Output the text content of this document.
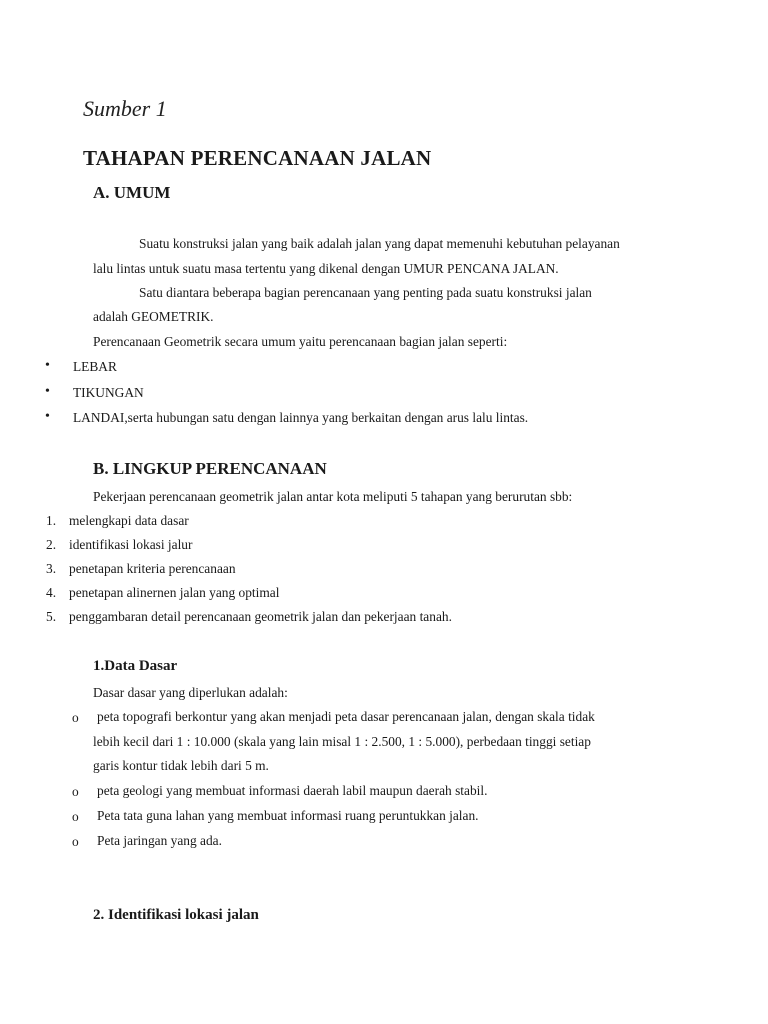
Sumber 1
TAHAPAN PERENCANAAN JALAN
A. UMUM
Suatu konstruksi jalan yang baik adalah jalan yang dapat memenuhi kebutuhan pelayanan
lalu lintas untuk suatu masa tertentu yang dikenal dengan UMUR PENCANA JALAN.
Satu diantara beberapa bagian perencanaan yang penting pada suatu konstruksi jalan
adalah GEOMETRIK.
Perencanaan Geometrik secara umum yaitu perencanaan bagian jalan seperti:
• LEBAR
• TIKUNGAN
• LANDAI,serta hubungan satu dengan lainnya yang berkaitan dengan arus lalu lintas.
B. LINGKUP PERENCANAAN
Pekerjaan perencanaan geometrik jalan antar kota meliputi 5 tahapan yang berurutan sbb:
1. melengkapi data dasar
2. identifikasi lokasi jalur
3. penetapan kriteria perencanaan
4. penetapan alinernen jalan yang optimal
5. penggambaran detail perencanaan geometrik jalan dan pekerjaan tanah.
1.Data Dasar
Dasar dasar yang diperlukan adalah:
o peta topografi berkontur yang akan menjadi peta dasar perencanaan jalan, dengan skala tidak
lebih kecil dari 1 : 10.000 (skala yang lain misal 1 : 2.500, 1 : 5.000), perbedaan tinggi setiap
garis kontur tidak lebih dari 5 m.
o peta geologi yang membuat informasi daerah labil maupun daerah stabil.
o Peta tata guna lahan yang membuat informasi ruang peruntukkan jalan.
o Peta jaringan yang ada.
2. Identifikasi lokasi jalan
